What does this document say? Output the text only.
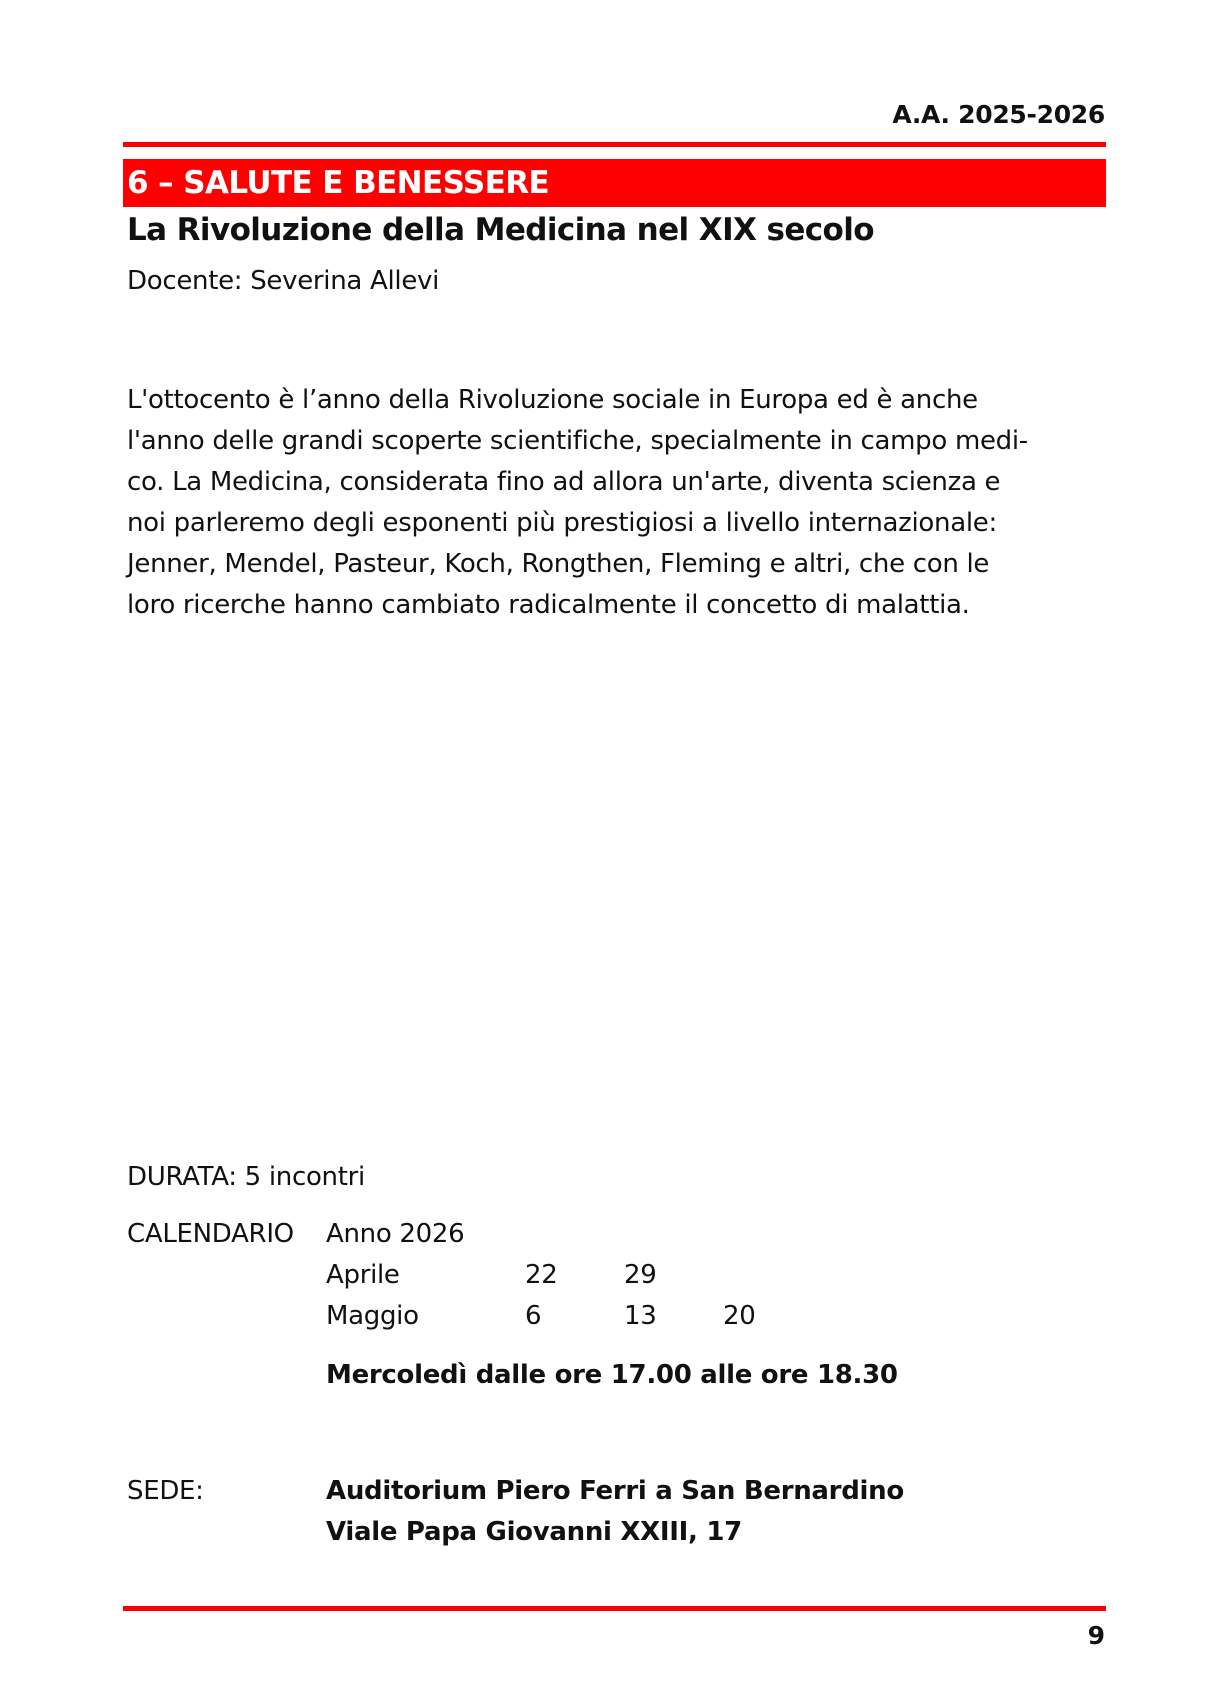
A.A. 2025-2026
6 – SALUTE E BENESSERE
La Rivoluzione della Medicina nel XIX secolo
Docente: Severina Allevi
L'ottocento è l’anno della Rivoluzione sociale in Europa ed è anche
l'anno delle grandi scoperte scientifiche, specialmente in campo medi-
co. La Medicina, considerata fino ad allora un'arte, diventa scienza e
noi parleremo degli esponenti più prestigiosi a livello internazionale:
Jenner, Mendel, Pasteur, Koch, Rongthen, Fleming e altri, che con le
loro ricerche hanno cambiato radicalmente il concetto di malattia.
DURATA: 5 incontri
CALENDARIO Anno 2026
Aprile	22	29
Maggio	6	13	20
Mercoledì dalle ore 17.00 alle ore 18.30
SEDE:	Auditorium Piero Ferri a San Bernardino
Viale Papa Giovanni XXIII, 17
9
